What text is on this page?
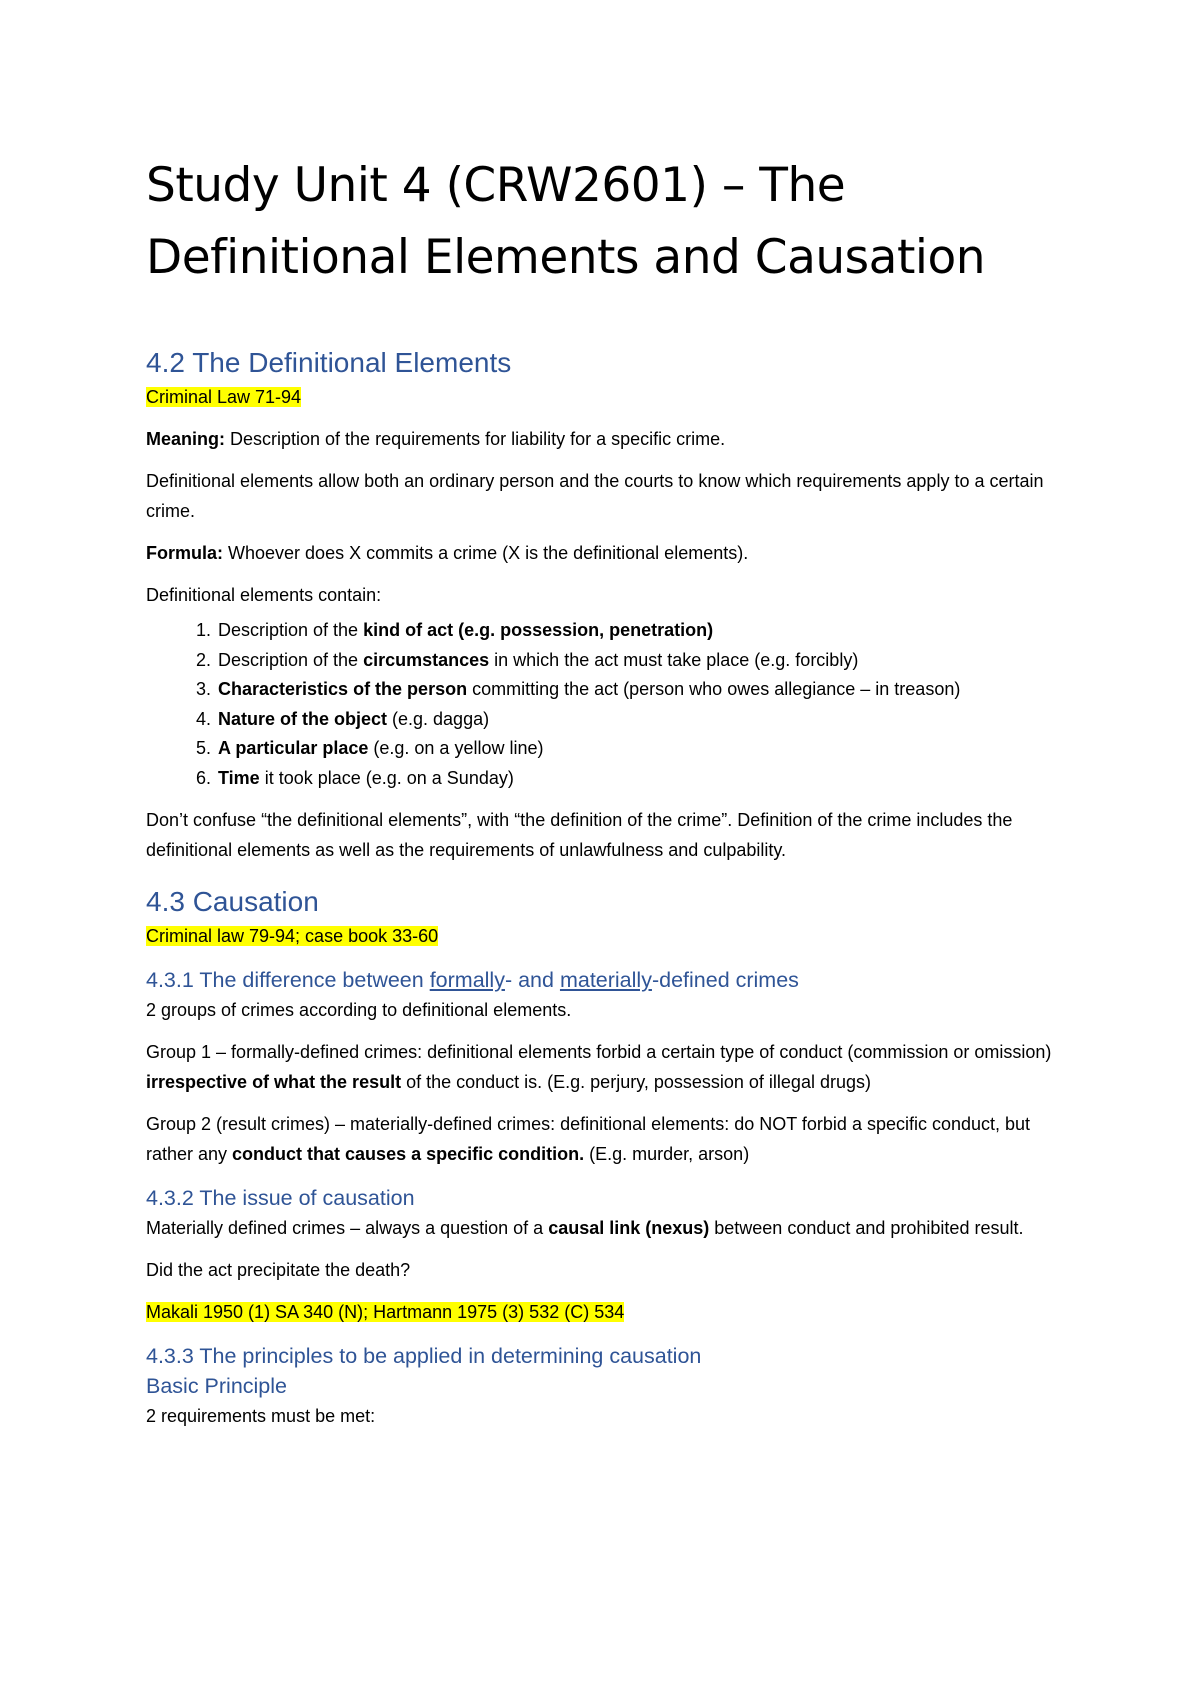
Study Unit 4 (CRW2601) – The
Definitional Elements and Causation
4.2 The Definitional Elements

Criminal Law 71-94

Meaning: Description of the requirements for liability for a specific crime.

Definitional elements allow both an ordinary person and the courts to know which requirements apply to a certain crime.

Formula: Whoever does X commits a crime (X is the definitional elements).

Definitional elements contain:

1. Description of the kind of act (e.g. possession, penetration)
2. Description of the circumstances in which the act must take place (e.g. forcibly)
3. Characteristics of the person committing the act (person who owes allegiance – in treason)
4. Nature of the object (e.g. dagga)
5. A particular place (e.g. on a yellow line)
6. Time it took place (e.g. on a Sunday)

Don’t confuse “the definitional elements”, with “the definition of the crime”. Definition of the crime includes the definitional elements as well as the requirements of unlawfulness and culpability.

4.3 Causation

Criminal law 79-94; case book 33-60

4.3.1 The difference between formally- and materially-defined crimes

2 groups of crimes according to definitional elements.

Group 1 – formally-defined crimes: definitional elements forbid a certain type of conduct (commission or omission) irrespective of what the result of the conduct is. (E.g. perjury, possession of illegal drugs)

Group 2 (result crimes) – materially-defined crimes: definitional elements: do NOT forbid a specific conduct, but rather any conduct that causes a specific condition. (E.g. murder, arson)

4.3.2 The issue of causation

Materially defined crimes – always a question of a causal link (nexus) between conduct and prohibited result.

Did the act precipitate the death?

Makali 1950 (1) SA 340 (N); Hartmann 1975 (3) 532 (C) 534

4.3.3 The principles to be applied in determining causation
Basic Principle

2 requirements must be met:
